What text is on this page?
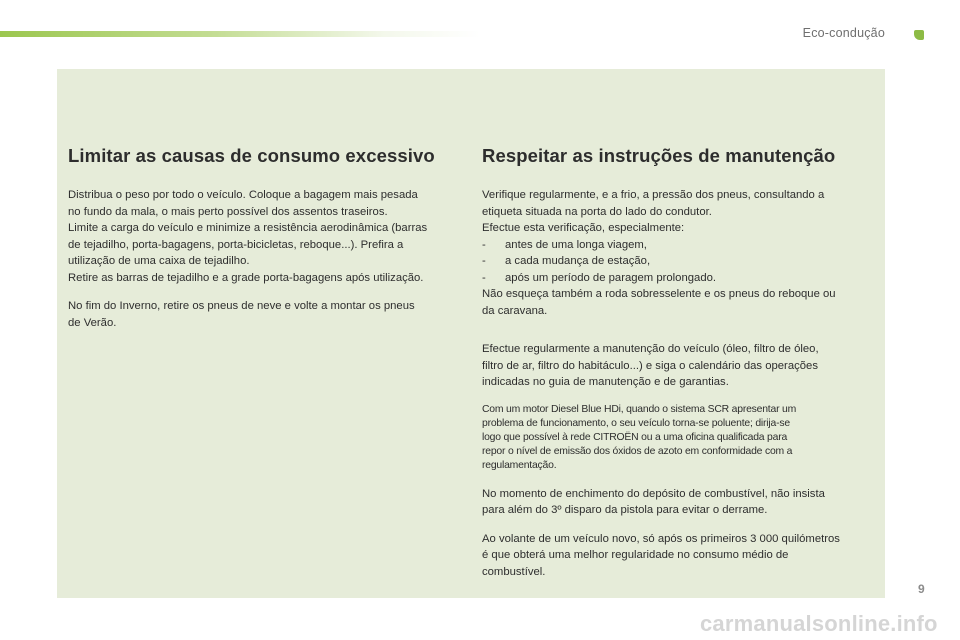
Eco-condução
Limitar as causas de consumo excessivo

Distribua o peso por todo o veículo. Coloque a bagagem mais pesada

no fundo da mala, o mais perto possível dos assentos traseiros.

Limite a carga do veículo e minimize a resistência aerodinâmica (barras

de tejadilho, porta-bagagens, porta-bicicletas, reboque...). Prefira a

utilização de uma caixa de tejadilho.

Retire as barras de tejadilho e a grade porta-bagagens após utilização.

No fim do Inverno, retire os pneus de neve e volte a montar os pneus

de Verão.

Respeitar as instruções de manutenção

Verifique regularmente, e a frio, a pressão dos pneus, consultando a

etiqueta situada na porta do lado do condutor.

Efectue esta verificação, especialmente:

-	antes de uma longa viagem,
-	a cada mudança de estação,
-	após um período de paragem prolongado.

Não esqueça também a roda sobresselente e os pneus do reboque ou

da caravana.

Efectue regularmente a manutenção do veículo (óleo, filtro de óleo,

filtro de ar, filtro do habitáculo...) e siga o calendário das operações

indicadas no guia de manutenção e de garantias.

Com um motor Diesel Blue HDi, quando o sistema SCR apresentar um

problema de funcionamento, o seu veículo torna-se poluente; dirija-se

logo que possível à rede CITROËN ou a uma oficina qualificada para

repor o nível de emissão dos óxidos de azoto em conformidade com a

regulamentação.

No momento de enchimento do depósito de combustível, não insista

para além do 3º disparo da pistola para evitar o derrame.

Ao volante de um veículo novo, só após os primeiros 3 000 quilómetros

é que obterá uma melhor regularidade no consumo médio de

combustível.

9
carmanualsonline.info
